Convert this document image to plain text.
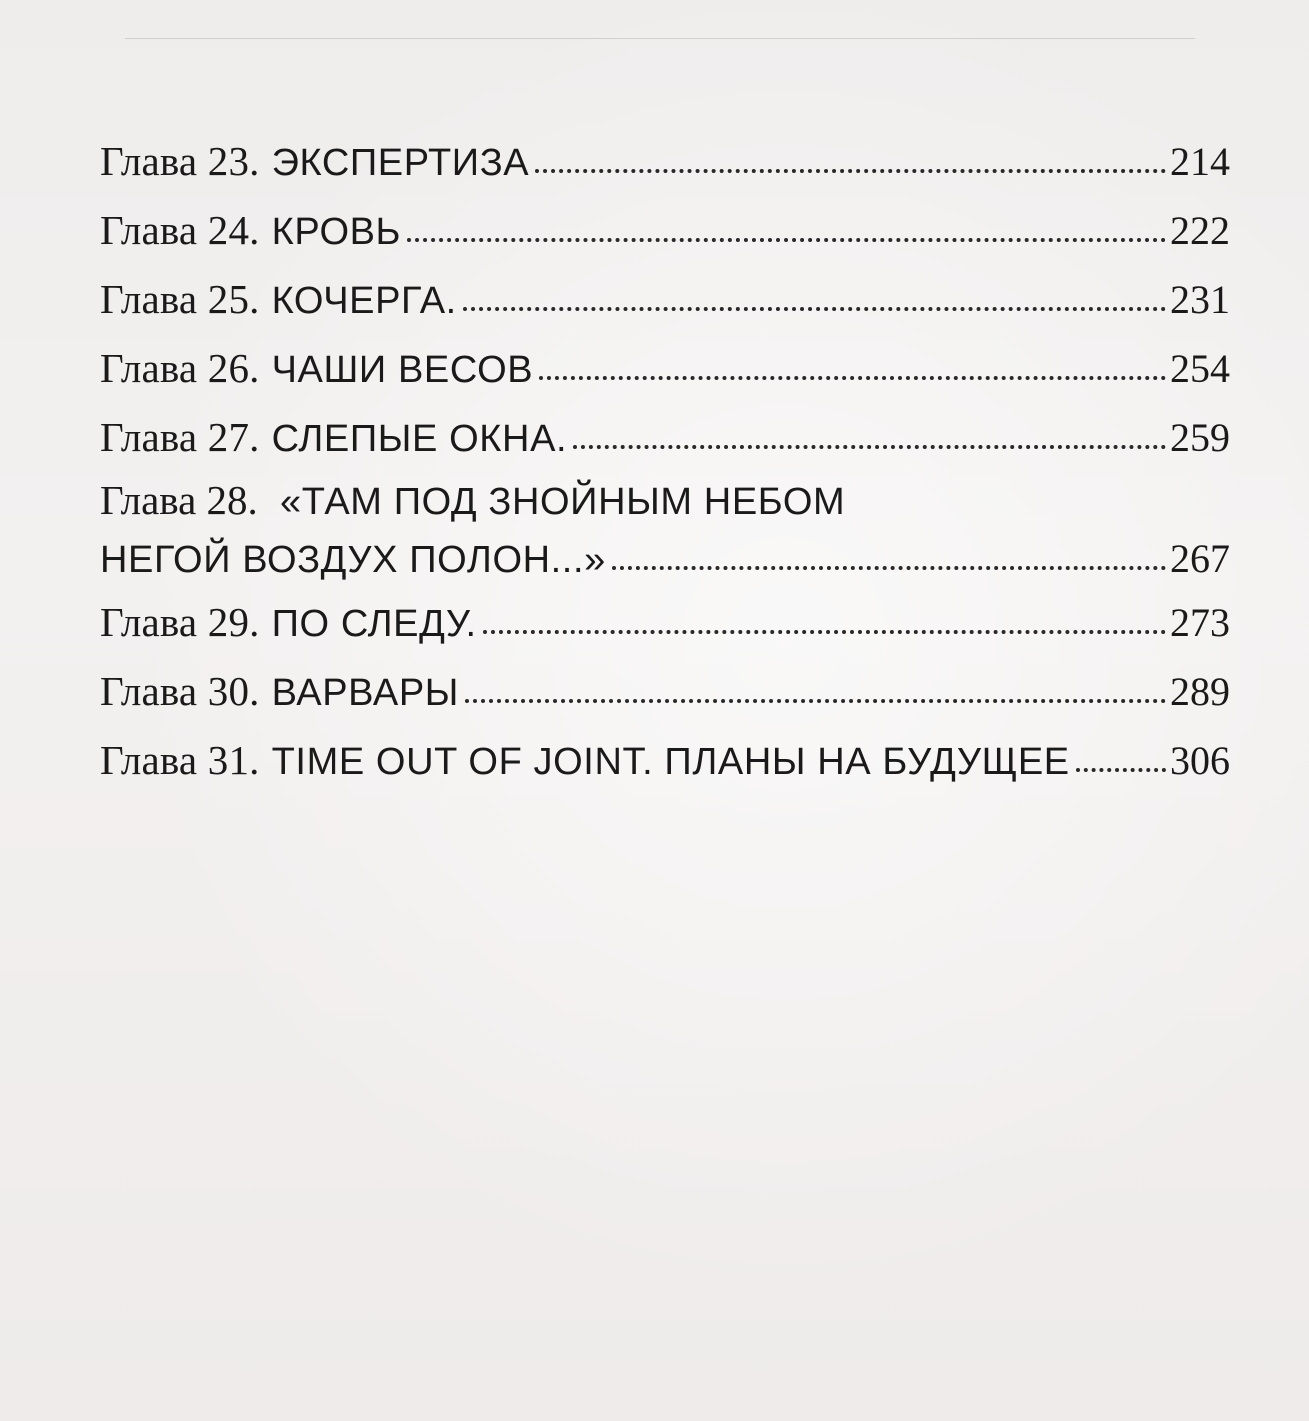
Глава 23. ЭКСПЕРТИЗА	214
Глава 24. КРОВЬ	222
Глава 25. КОЧЕРГА.	231
Глава 26. ЧАШИ ВЕСОВ	254
Глава 27. СЛЕПЫЕ ОКНА.	259
Глава 28. «ТАМ ПОД ЗНОЙНЫМ НЕБОМ
НЕГОЙ ВОЗДУХ ПОЛОН...»	267
Глава 29. ПО СЛЕДУ.	273
Глава 30. ВАРВАРЫ	289
Глава 31. TIME OUT OF JOINT. ПЛАНЫ НА БУДУЩЕЕ	306
